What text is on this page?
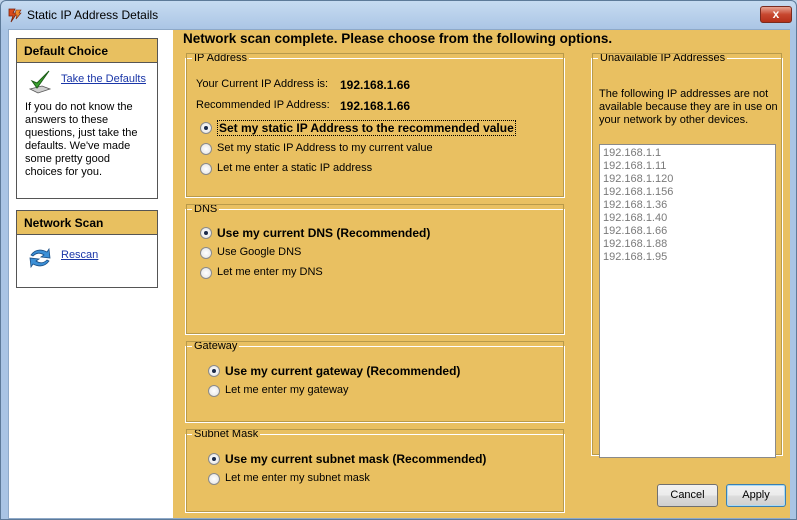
Static IP Address Details	x
Default Choice
Take the Defaults
If you do not know the answers to these questions, just take the defaults. We've made some pretty good choices for you.
Network Scan
Rescan
Network scan complete. Please choose from the following options.
IP Address
Your Current IP Address is: 192.168.1.66
Recommended IP Address: 192.168.1.66
Set my static IP Address to the recommended value
Set my static IP Address to my current value
Let me enter a static IP address
DNS
Use my current DNS (Recommended)
Use Google DNS
Let me enter my DNS
Gateway
Use my current gateway (Recommended)
Let me enter my gateway
Subnet Mask
Use my current subnet mask (Recommended)
Let me enter my subnet mask
Unavailable IP Addresses
The following IP addresses are not available because they are in use on your network by other devices.
192.168.1.1
192.168.1.11
192.168.1.120
192.168.1.156
192.168.1.36
192.168.1.40
192.168.1.66
192.168.1.88
192.168.1.95
Cancel	Apply
